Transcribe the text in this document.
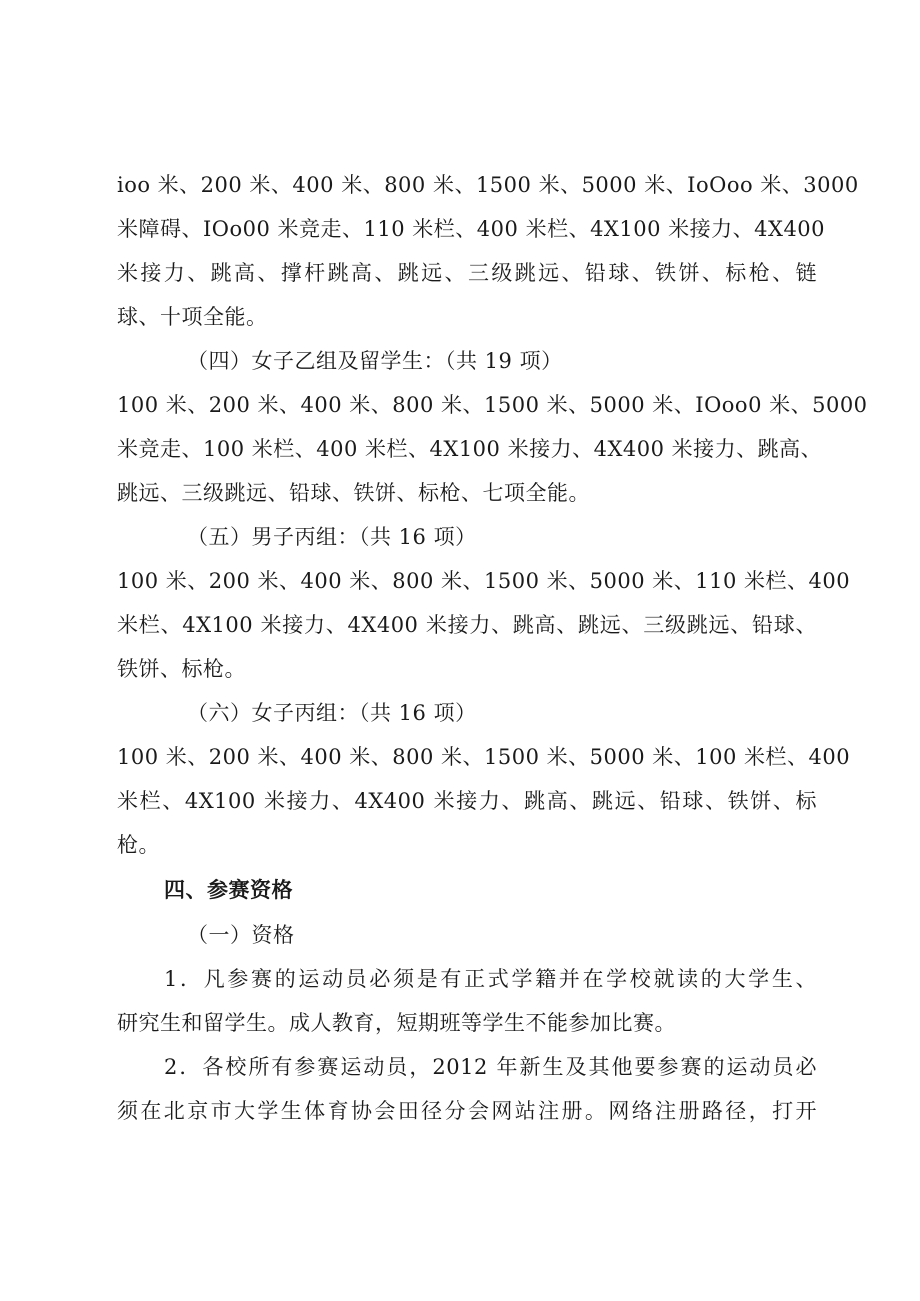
ioo 米、200 米、400 米、800 米、1500 米、5000 米、IoOoo 米、3000
米障碍、IOo00 米竞走、110 米栏、400 米栏、4X100 米接力、4X400
米接力、跳高、撑杆跳高、跳远、三级跳远、铅球、铁饼、标枪、链
球、十项全能。
（四）女子乙组及留学生：（共 19 项）
100 米、200 米、400 米、800 米、1500 米、5000 米、IOoo0 米、5000
米竞走、100 米栏、400 米栏、4X100 米接力、4X400 米接力、跳高、
跳远、三级跳远、铅球、铁饼、标枪、七项全能。
（五）男子丙组：（共 16 项）
100 米、200 米、400 米、800 米、1500 米、5000 米、110 米栏、400
米栏、4X100 米接力、4X400 米接力、跳高、跳远、三级跳远、铅球、
铁饼、标枪。
（六）女子丙组：（共 16 项）
100 米、200 米、400 米、800 米、1500 米、5000 米、100 米栏、400
米栏、4X100 米接力、4X400 米接力、跳高、跳远、铅球、铁饼、标
枪。
四、参赛资格
（一）资格
1．凡参赛的运动员必须是有正式学籍并在学校就读的大学生、
研究生和留学生。成人教育，短期班等学生不能参加比赛。
2．各校所有参赛运动员，2012 年新生及其他要参赛的运动员必
须在北京市大学生体育协会田径分会网站注册。网络注册路径，打开
